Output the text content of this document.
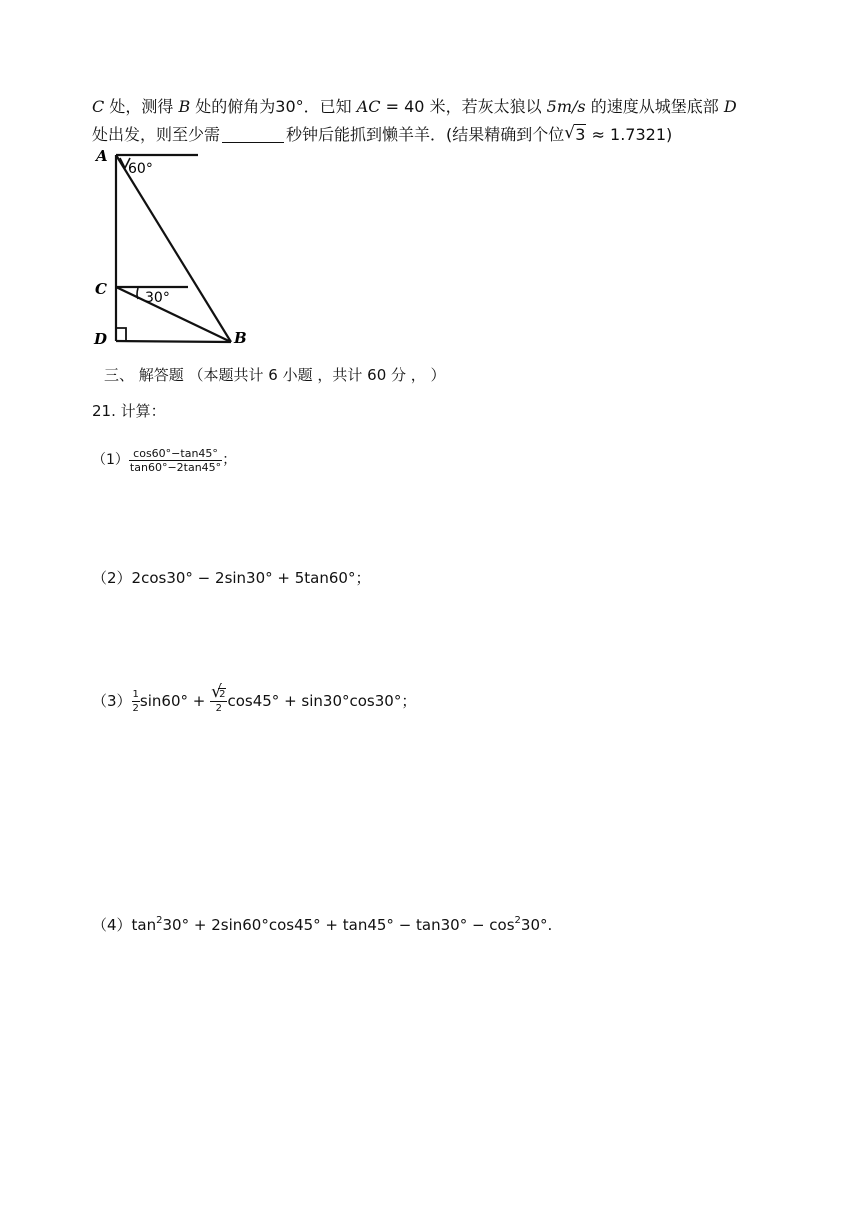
C 处，测得 B 处的俯角为30°．已知 AC = 40 米，若灰太狼以 5m/s 的速度从城堡底部 D
处出发，则至少需	秒钟后能抓到懒羊羊．(结果精确到个位 √ 3 ≈ 1.7321)
A
60°
C	30°
D	B
三、 解答题 （本题共计 6 小题 ，共计 60 分 ， ）
21. 计算：
$(1) \frac{\cos 60^\circ-\tan 45^\circ}{\tan 60^\circ-2\tan 45^\circ}$ ；
（2）2cos30° − 2sin30° + 5tan60°；
$(3) \frac{1}{2} \sin 60^\circ$ + √ $\frac{2}{2} \cos 45^\circ + \sin 30^\circ\cos 30^\circ$；
$(4)\tan^230^\circ + 2\sin 60^\circ\cos 45^\circ + \tan 45^\circ - \tan 30^\circ - \cos^230^\circ$.
